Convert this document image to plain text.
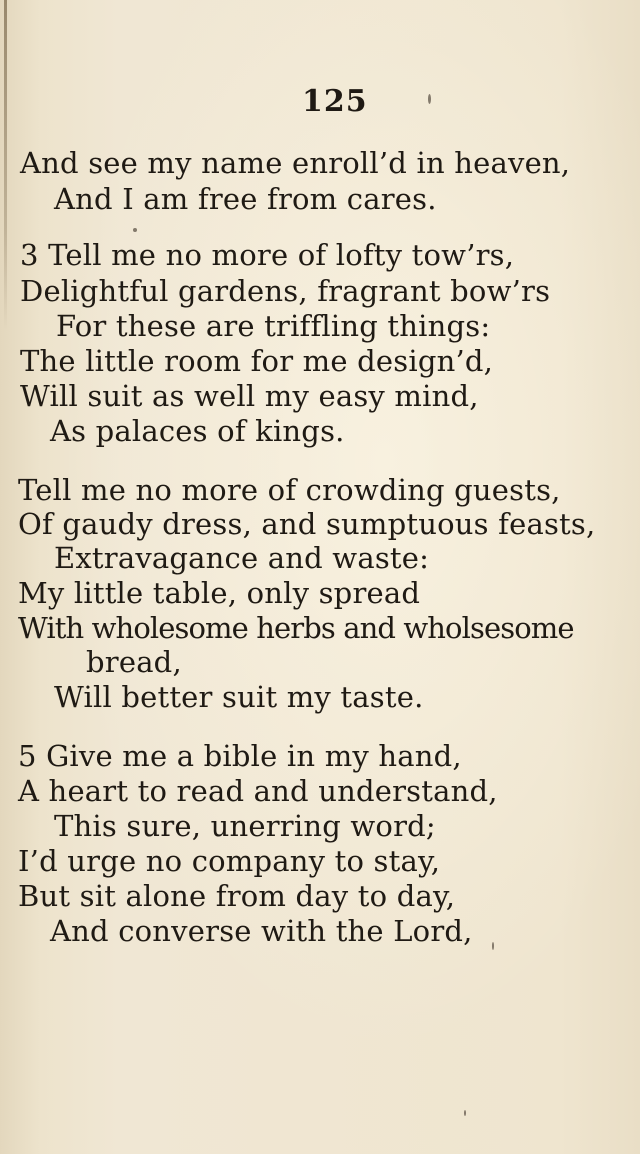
125
And see my name enroll’d in heaven,
And I am free from cares.
3 Tell me no more of lofty tow’rs,
Delightful gardens, fragrant bow’rs
For these are triffling things:
The little room for me design’d,
Will suit as well my easy mind,
As palaces of kings.
Tell me no more of crowding guests,
Of gaudy dress, and sumptuous feasts,
Extravagance and waste:
My little table, only spread
With wholesome herbs and wholsesome
bread,
Will better suit my taste.
5 Give me a bible in my hand,
A heart to read and understand,
This sure, unerring word;
I’d urge no company to stay,
But sit alone from day to day,
And converse with the Lord,
